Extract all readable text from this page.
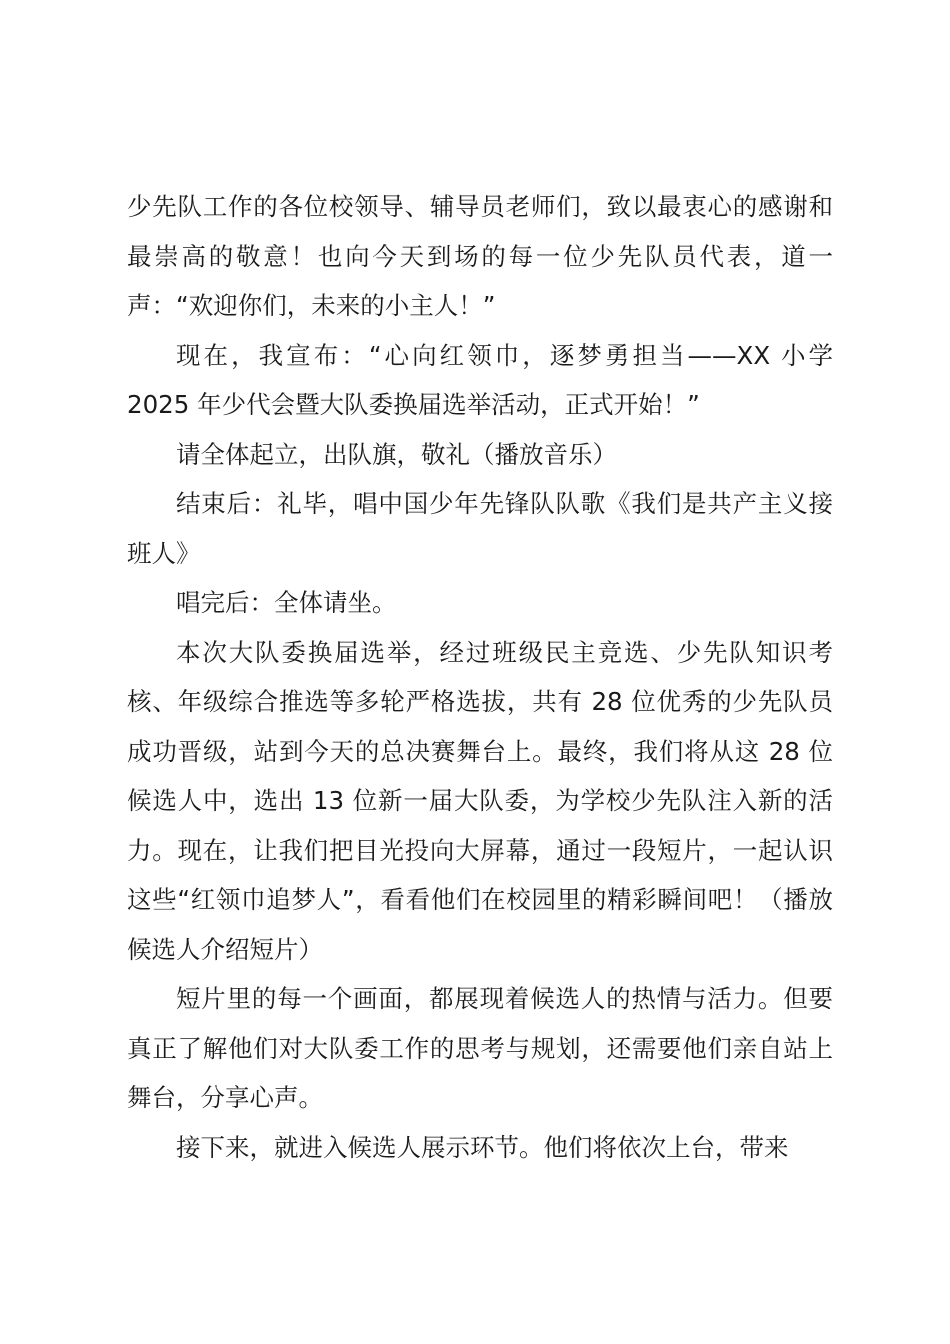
少先队工作的各位校领导、辅导员老师们，致以最衷心的感谢和最崇高的敬意！也向今天到场的每一位少先队员代表，道一声：“欢迎你们，未来的小主人！”

现在，我宣布：“心向红领巾，逐梦勇担当——XX 小学 2025 年少代会暨大队委换届选举活动，正式开始！”

请全体起立，出队旗，敬礼（播放音乐）

结束后：礼毕，唱中国少年先锋队队歌《我们是共产主义接班人》

唱完后：全体请坐。

本次大队委换届选举，经过班级民主竞选、少先队知识考核、年级综合推选等多轮严格选拔，共有 28 位优秀的少先队员成功晋级，站到今天的总决赛舞台上。最终，我们将从这 28 位候选人中，选出 13 位新一届大队委，为学校少先队注入新的活力。现在，让我们把目光投向大屏幕，通过一段短片，一起认识这些“红领巾追梦人”，看看他们在校园里的精彩瞬间吧！（播放候选人介绍短片）

短片里的每一个画面，都展现着候选人的热情与活力。但要真正了解他们对大队委工作的思考与规划，还需要他们亲自站上舞台，分享心声。

接下来，就进入候选人展示环节。他们将依次上台，带来
